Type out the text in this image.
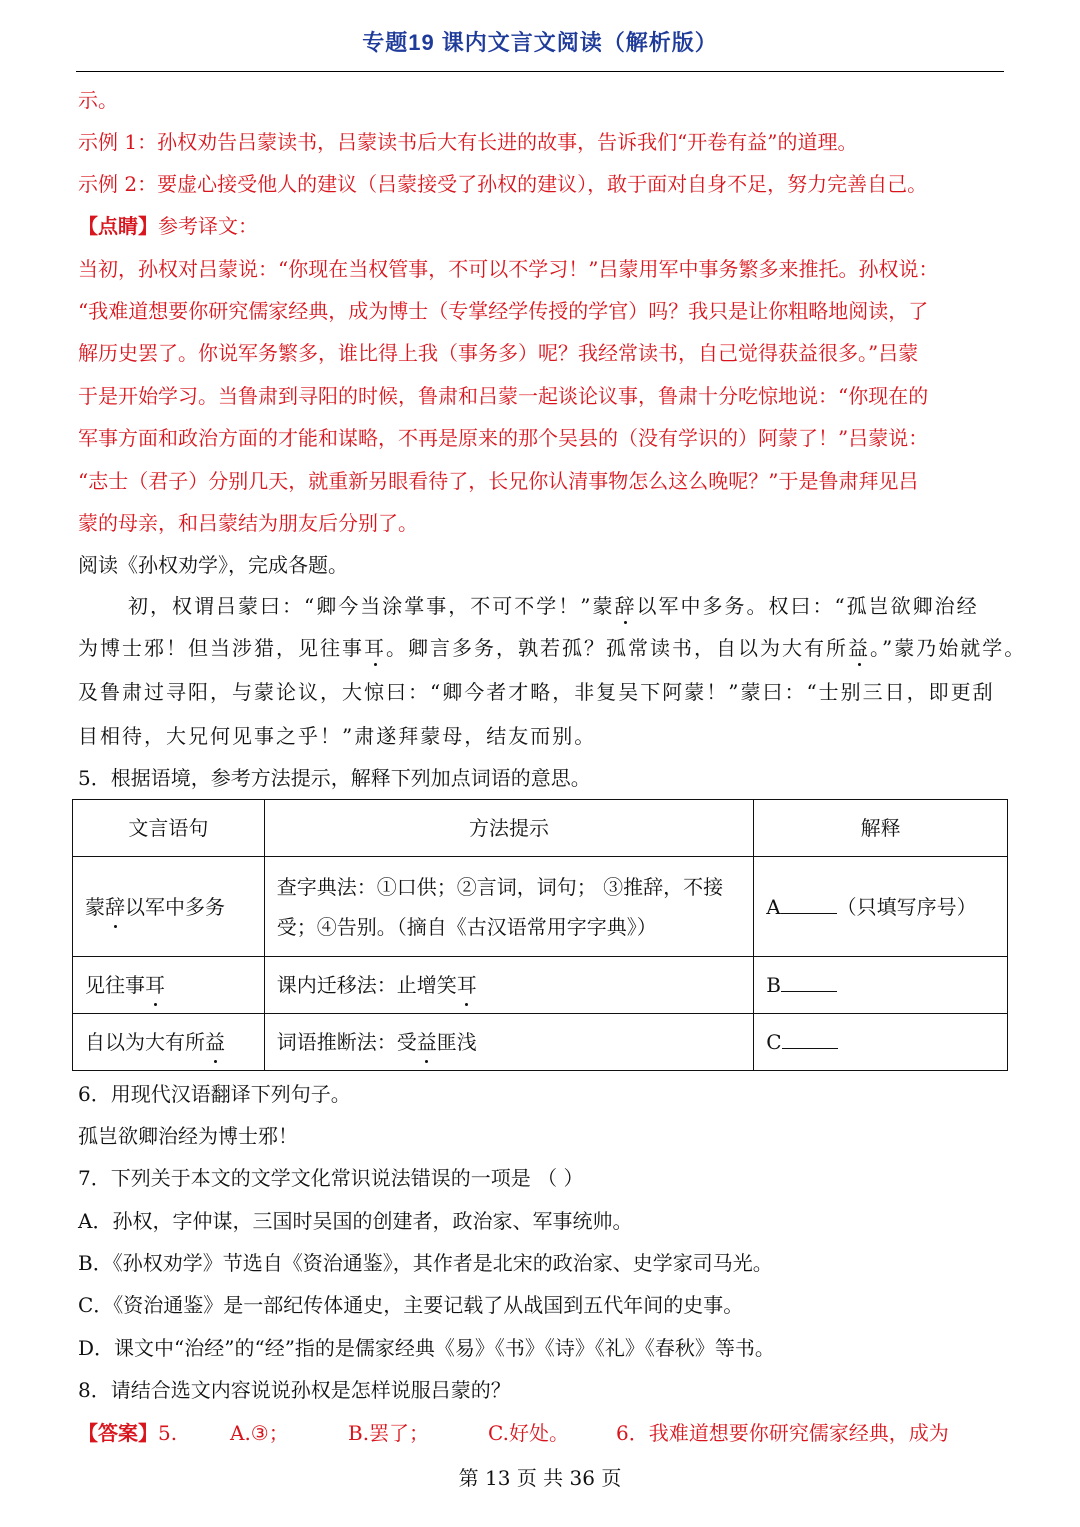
专题19 课内文言文阅读（解析版）
示。
示例 1：孙权劝告吕蒙读书，吕蒙读书后大有长进的故事，告诉我们“开卷有益”的道理。
示例 2：要虚心接受他人的建议（吕蒙接受了孙权的建议），敢于面对自身不足，努力完善自己。
【点睛】参考译文：
当初，孙权对吕蒙说：“你现在当权管事，不可以不学习！”吕蒙用军中事务繁多来推托。孙权说：
“我难道想要你研究儒家经典，成为博士（专掌经学传授的学官）吗？我只是让你粗略地阅读，了
解历史罢了。你说军务繁多，谁比得上我（事务多）呢？我经常读书，自己觉得获益很多。”吕蒙
于是开始学习。当鲁肃到寻阳的时候，鲁肃和吕蒙一起谈论议事，鲁肃十分吃惊地说：“你现在的
军事方面和政治方面的才能和谋略，不再是原来的那个吴县的（没有学识的）阿蒙了！”吕蒙说：
“志士（君子）分别几天，就重新另眼看待了，长兄你认清事物怎么这么晚呢？”于是鲁肃拜见吕
蒙的母亲，和吕蒙结为朋友后分别了。
阅读《孙权劝学》，完成各题。
初，权谓吕蒙曰：“卿今当涂掌事，不可不学！”蒙辞以军中多务。权曰：“孤岂欲卿治经
为博士邪！但当涉猎，见往事耳。卿言多务，孰若孤？孤常读书，自以为大有所益。”蒙乃始就学。
及鲁肃过寻阳，与蒙论议，大惊曰：“卿今者才略，非复吴下阿蒙！”蒙曰：“士别三日，即更刮
目相待，大兄何见事之乎！”肃遂拜蒙母，结友而别。
5．根据语境，参考方法提示，解释下列加点词语的意思。
文言语句	方法提示	解释
蒙辞以军中多务	查字典法：①口供；②言词，词句； ③推辞，不接受；④告别。（摘自《古汉语常用字字典》）	A （只填写序号）
见往事耳	课内迁移法：止增笑耳	B
自以为大有所益	词语推断法：受益匪浅	C
6．用现代汉语翻译下列句子。
孤岂欲卿治经为博士邪！
7．下列关于本文的文学文化常识说法错误的一项是 （ ）
A．孙权，字仲谋，三国时吴国的创建者，政治家、军事统帅。
B．《孙权劝学》节选自《资治通鉴》，其作者是北宋的政治家、史学家司马光。
C．《资治通鉴》是一部纪传体通史，主要记载了从战国到五代年间的史事。
D．课文中“治经”的“经”指的是儒家经典《易》《书》《诗》《礼》《春秋》等书。
8．请结合选文内容说说孙权是怎样说服吕蒙的？
【答案】5.	A.③；	B.罢了；	C.好处。 6．我难道想要你研究儒家经典，成为
第 13 页 共 36 页
